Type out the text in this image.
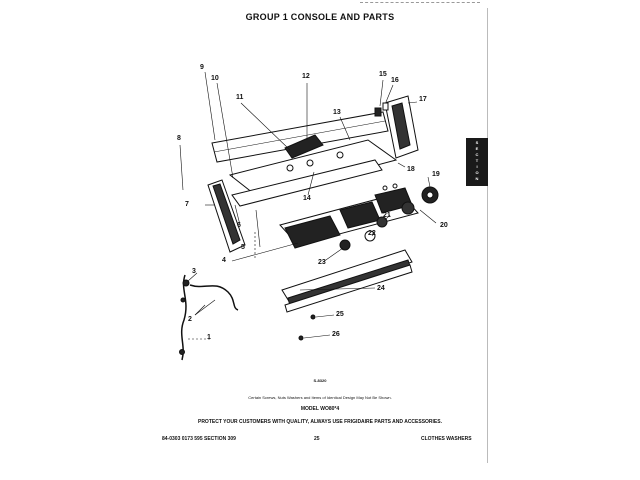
GROUP 1 CONSOLE AND PARTS
S
E
C
T
I
O
N
8
9
10
11
12
13
15
16
17
7
6
5
4
14
18
19
20
21
22
23
24
25
26
3
2
1
S-8320
Certain Screws, Nuts Washers and Items of Identical Design May Not Be Shown.
MODEL WO80*4
PROTECT YOUR CUSTOMERS WITH QUALITY, ALWAYS USE FRIGIDAIRE PARTS AND ACCESSORIES.
84-0303 0173 595 SECTION 309	25	CLOTHES WASHERS
